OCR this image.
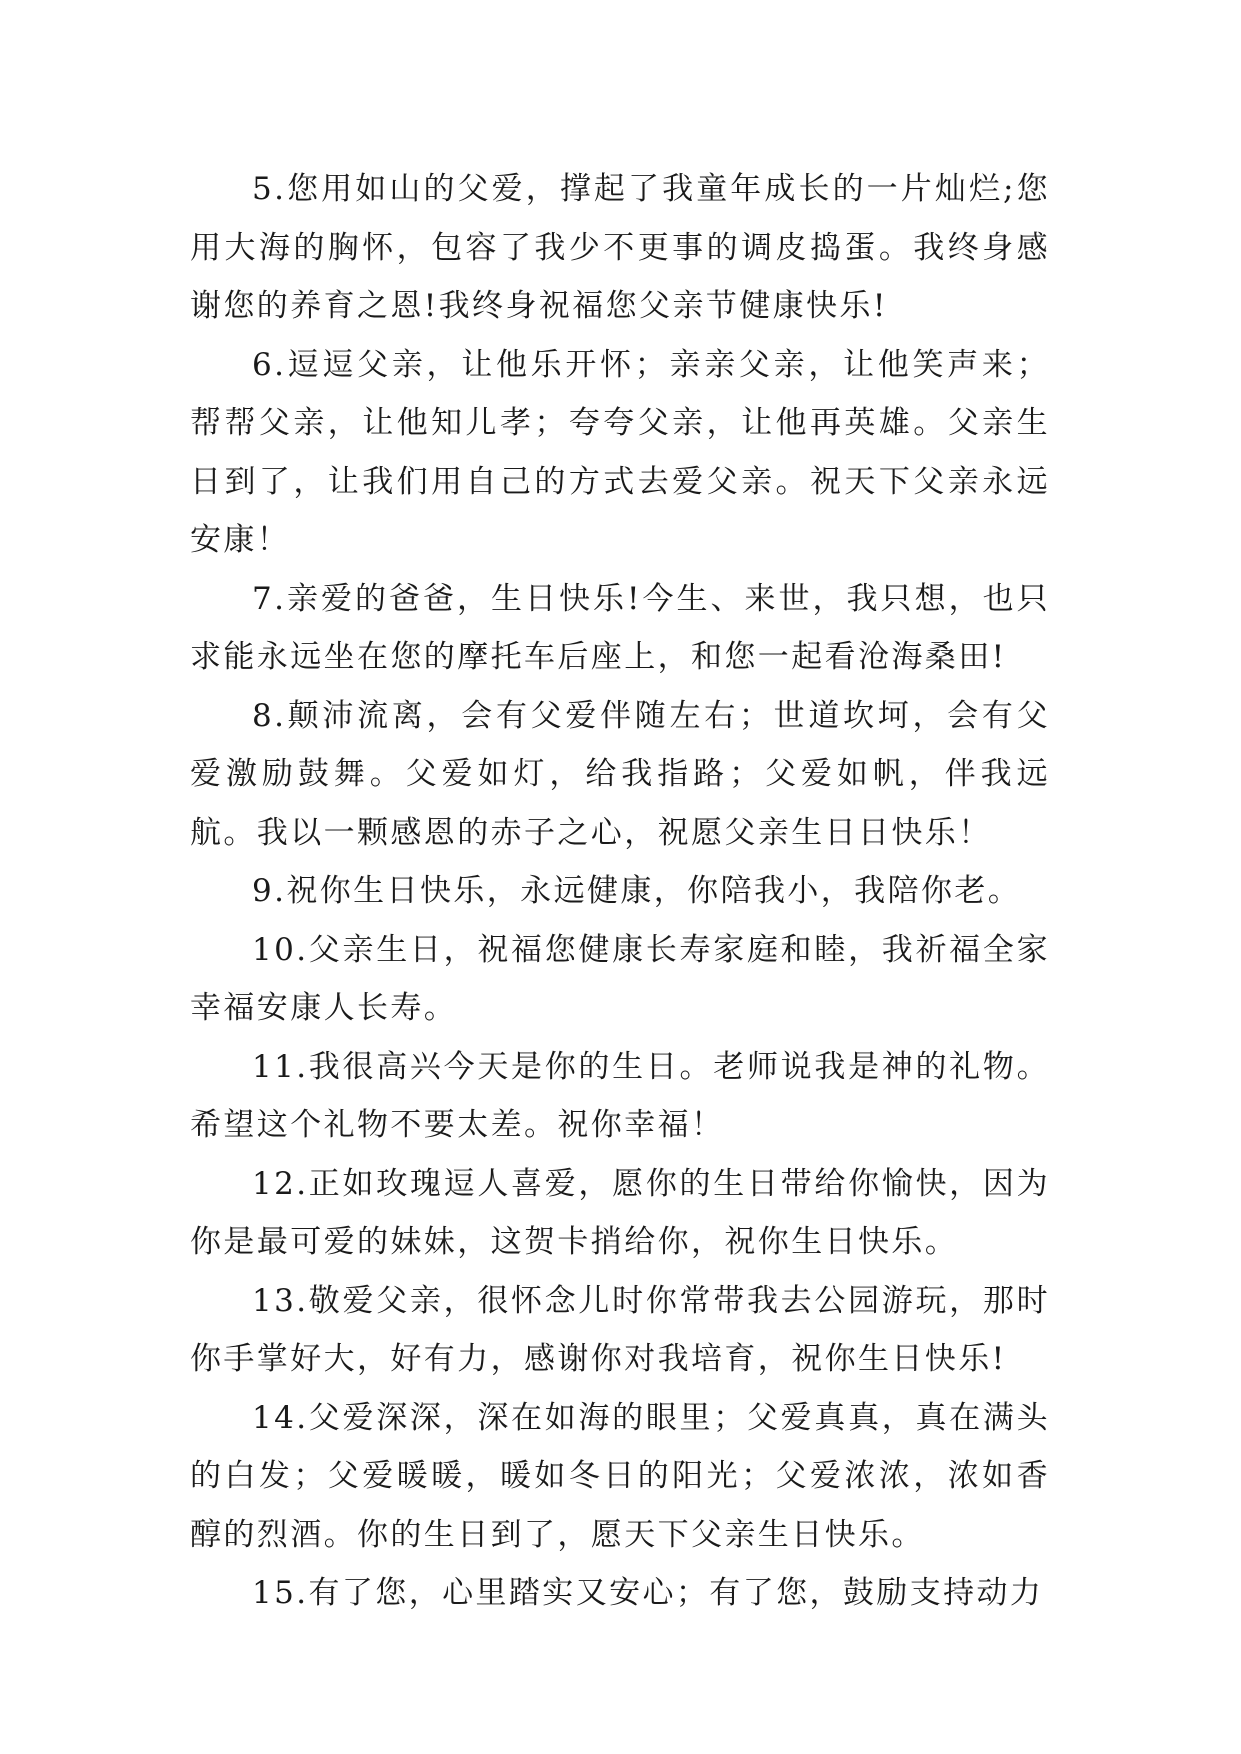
5.您用如山的父爱，撑起了我童年成长的一片灿烂;您用大海的胸怀，包容了我少不更事的调皮捣蛋。我终身感谢您的养育之恩!我终身祝福您父亲节健康快乐!

6.逗逗父亲，让他乐开怀；亲亲父亲，让他笑声来；帮帮父亲，让他知儿孝；夸夸父亲，让他再英雄。父亲生日到了，让我们用自己的方式去爱父亲。祝天下父亲永远安康！

7.亲爱的爸爸，生日快乐!今生、来世，我只想，也只求能永远坐在您的摩托车后座上，和您一起看沧海桑田!

8.颠沛流离，会有父爱伴随左右；世道坎坷，会有父爱激励鼓舞。父爱如灯，给我指路；父爱如帆，伴我远航。我以一颗感恩的赤子之心，祝愿父亲生日日快乐！

9.祝你生日快乐，永远健康，你陪我小，我陪你老。

10.父亲生日，祝福您健康长寿家庭和睦，我祈福全家幸福安康人长寿。

11.我很高兴今天是你的生日。老师说我是神的礼物。希望这个礼物不要太差。祝你幸福！

12.正如玫瑰逗人喜爱，愿你的生日带给你愉快，因为你是最可爱的妹妹，这贺卡捎给你，祝你生日快乐。

13.敬爱父亲，很怀念儿时你常带我去公园游玩，那时你手掌好大，好有力，感谢你对我培育，祝你生日快乐!

14.父爱深深，深在如海的眼里；父爱真真，真在满头的白发；父爱暖暖，暖如冬日的阳光；父爱浓浓，浓如香醇的烈酒。你的生日到了，愿天下父亲生日快乐。

15.有了您，心里踏实又安心；有了您，鼓励支持动力
